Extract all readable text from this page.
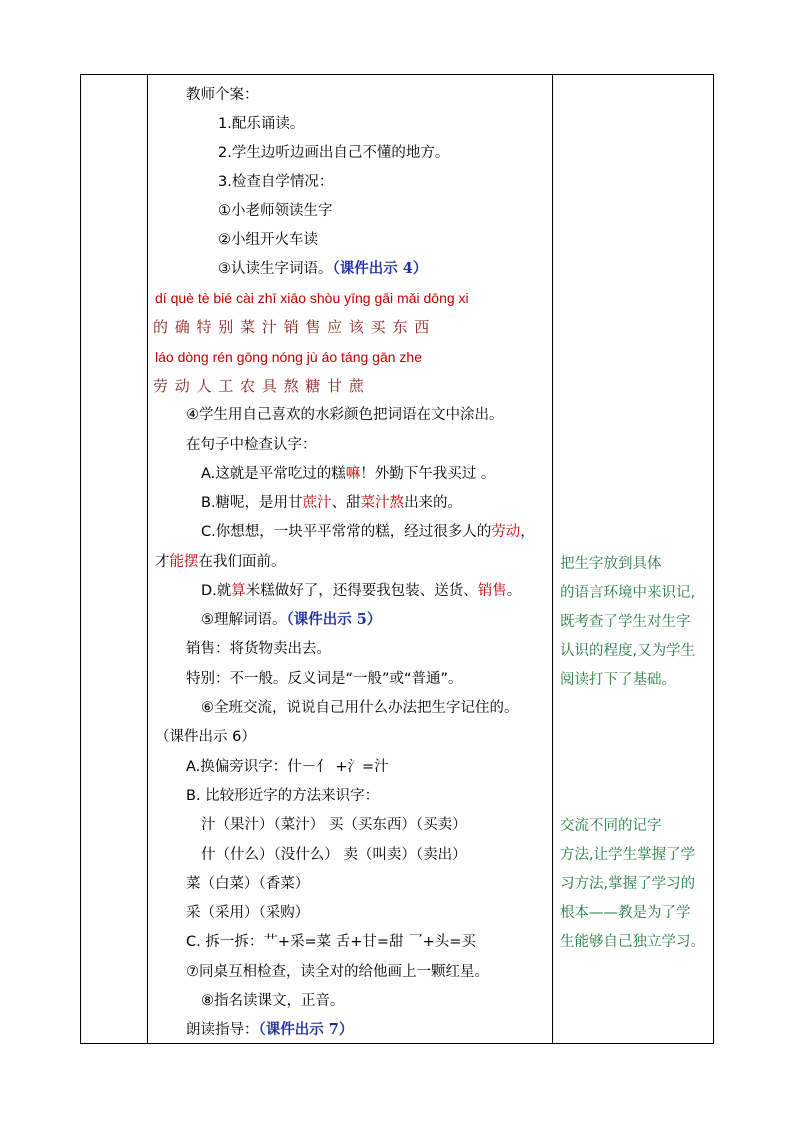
教师个案：
1.配乐诵读。
2.学生边听边画出自己不懂的地方。
3.检查自学情况：
①小老师领读生字
②小组开火车读
③认读生字词语。（课件出示 4）
dí què tè bié cài zhī xiāo shòu yīng gāi mǎi dōng xi
的 确 特 别 菜 汁 销 售 应 该 买 东 西
láo dòng rén gōng nóng jù áo táng gān zhe
劳 动 人 工 农 具 熬 糖 甘 蔗
④学生用自己喜欢的水彩颜色把词语在文中涂出。
在句子中检查认字：
A.这就是平常吃过的糕嘛！外勤下午我买过 。
B.糖呢，是用甘蔗汁、甜菜汁熬出来的。
C.你想想，一块平平常常的糕，经过很多人的劳动，
才能摆在我们面前。
D.就算米糕做好了，还得要我包装、送货、销售。
⑤理解词语。（课件出示 5）
销售：将货物卖出去。
特别：不一般。反义词是“一般”或“普通”。
⑥全班交流，说说自己用什么办法把生字记住的。
（课件出示 6）
A.换偏旁识字：什－亻 +氵=汁
B. 比较形近字的方法来识字：
汁（果汁）（菜汁） 买（买东西）（买卖）
什（什么）（没什么） 卖（叫卖）（卖出）
菜（白菜）（香菜）
采（采用）（采购）
C. 拆一拆：艹+采=菜 舌+甘=甜 乛+头=买
⑦同桌互相检查，读全对的给他画上一颗红星。
⑧指名读课文，正音。
朗读指导：（课件出示 7）
把生字放到具体
的语言环境中来识记,
既考查了学生对生字
认识的程度,又为学生
阅读打下了基础。
交流不同的记字
方法,让学生掌握了学
习方法,掌握了学习的
根本——教是为了学
生能够自己独立学习。
